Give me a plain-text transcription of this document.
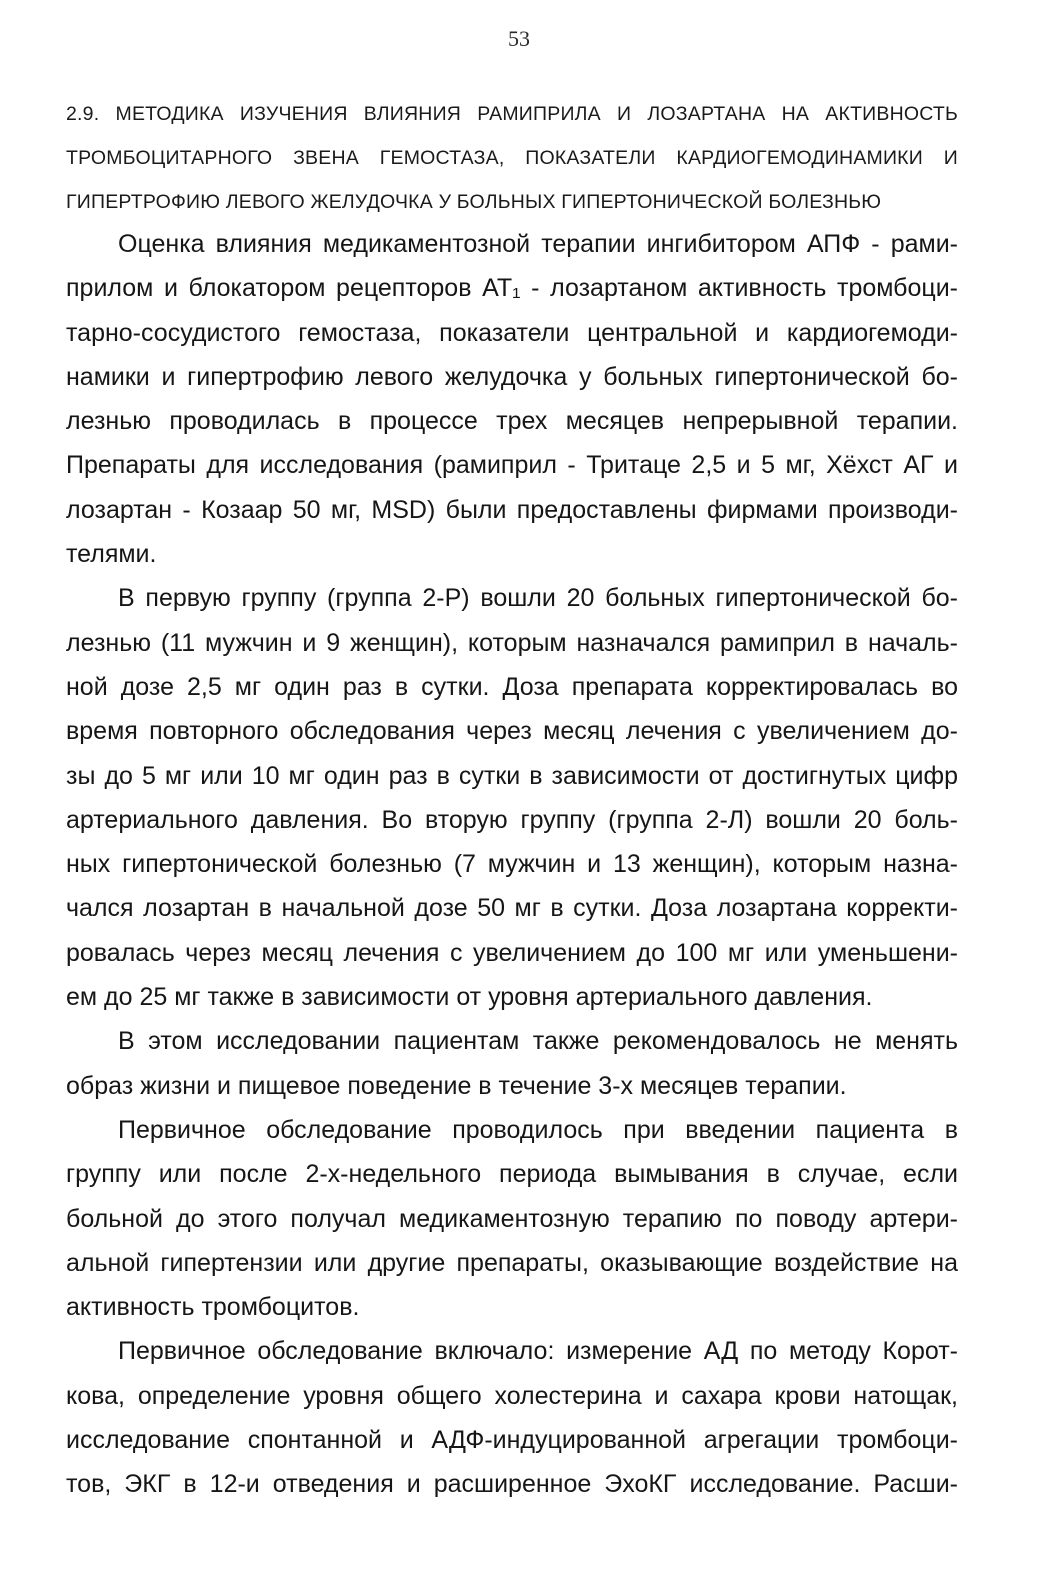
53
2.9. МЕТОДИКА ИЗУЧЕНИЯ ВЛИЯНИЯ РАМИПРИЛА И ЛОЗАРТАНА НА АКТИВНОСТЬ
ТРОМБОЦИТАРНОГО ЗВЕНА ГЕМОСТАЗА, ПОКАЗАТЕЛИ КАРДИОГЕМОДИНАМИКИ И
ГИПЕРТРОФИЮ ЛЕВОГО ЖЕЛУДОЧКА У БОЛЬНЫХ ГИПЕРТОНИЧЕСКОЙ БОЛЕЗНЬЮ
Оценка влияния медикаментозной терапии ингибитором АПФ - рами-
прилом и блокатором рецепторов АТ₁ - лозартаном активность тромбоци-
тарно-сосудистого гемостаза, показатели центральной и кардиогемоди-
намики и гипертрофию левого желудочка у больных гипертонической бо-
лезнью проводилась в процессе трех месяцев непрерывной терапии.
Препараты для исследования (рамиприл - Тритаце 2,5 и 5 мг, Хёхст АГ и
лозартан - Козаар 50 мг, MSD) были предоставлены фирмами производи-
телями.
В первую группу (группа 2-Р) вошли 20 больных гипертонической бо-
лезнью (11 мужчин и 9 женщин), которым назначался рамиприл в началь-
ной дозе 2,5 мг один раз в сутки. Доза препарата корректировалась во
время повторного обследования через месяц лечения с увеличением до-
зы до 5 мг или 10 мг один раз в сутки в зависимости от достигнутых цифр
артериального давления. Во вторую группу (группа 2-Л) вошли 20 боль-
ных гипертонической болезнью (7 мужчин и 13 женщин), которым назна-
чался лозартан в начальной дозе 50 мг в сутки. Доза лозартана корректи-
ровалась через месяц лечения с увеличением до 100 мг или уменьшени-
ем до 25 мг также в зависимости от уровня артериального давления.
В этом исследовании пациентам также рекомендовалось не менять
образ жизни и пищевое поведение в течение 3-х месяцев терапии.
Первичное обследование проводилось при введении пациента в
группу или после 2-х-недельного периода вымывания в случае, если
больной до этого получал медикаментозную терапию по поводу артери-
альной гипертензии или другие препараты, оказывающие воздействие на
активность тромбоцитов.
Первичное обследование включало: измерение АД по методу Корот-
кова, определение уровня общего холестерина и сахара крови натощак,
исследование спонтанной и АДФ-индуцированной агрегации тромбоци-
тов, ЭКГ в 12-и отведения и расширенное ЭхоКГ исследование. Расши-
